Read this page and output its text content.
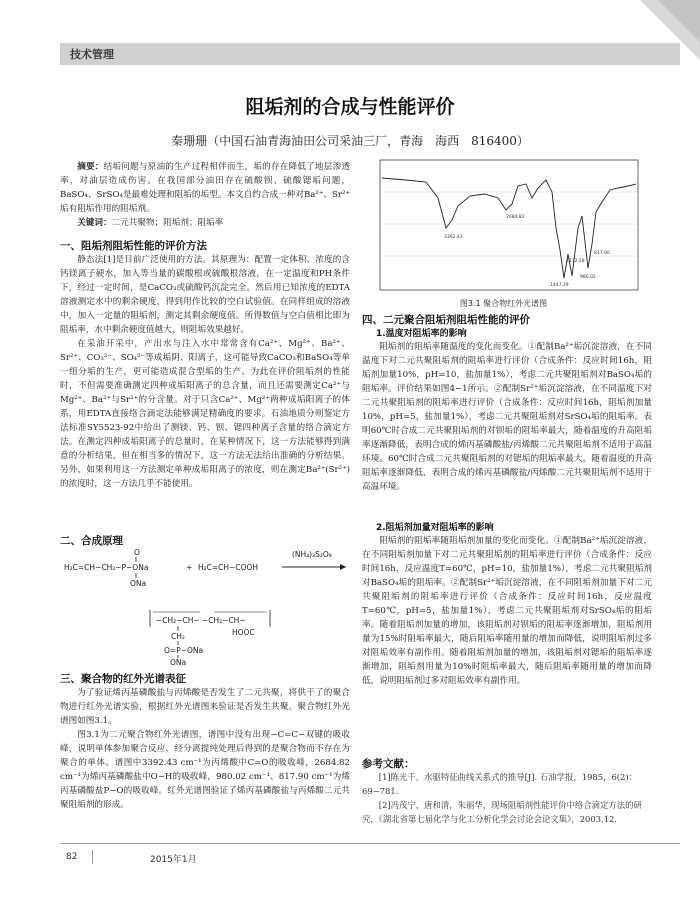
技术管理
阻垢剂的合成与性能评价
秦珊珊（中国石油青海油田公司采油三厂，青海　海西　816400）

摘要：结垢问题与原油的生产过程相伴而生，垢的存在降低了地层渗透率，对油层造成伤害。在我国部分油田存在硫酸钡、硫酸锶垢问题，BaSO₄、SrSO₄是最难处理和阻垢的垢型。本文自约合成一种对Ba²⁺、Sr²⁺垢有阻垢作用的阻垢剂。

关键词：二元共聚物；阻垢剂；阻垢率

一、阻垢剂阻垢性能的评价方法

静态法[1]是目前广泛使用的方法。其原理为：配置一定体积、浓度的含钙镁离子硬水，加入等当量的碳酸根或硫酸根溶液，在一定温度和PH条件下，经过一定时间，是CaCO₃或硫酸钙沉淀完全。然后用已知浓度的EDTA溶液测定水中的剩余硬度，得到用作比较的空白试验值。在同样组成的溶液中，加入一定量的阻垢剂，测定其剩余硬度值。所得数值与空白值相比即为阻垢率，水中剩余硬度值越大，则阻垢效果越好。

在采油开采中，产出水与注入水中常常含有Ca²⁺、Mg²⁺、Ba²⁺、Sr²⁺、CO₃²⁻、SO₄²⁻等成垢阴、阳离子，这可能导致CaCO₃和BaSO₄等单一组分垢的生产，更可能造成混合型垢的生产。为此在评价阻垢剂的性能时，不但需要准确测定四种成垢阳离子的总含量，而且还需要测定Ca²⁺与Mg²⁺、Ba²⁺与Sr²⁺的分含量。对于只含Ca²⁺、Mg²⁺两种成垢阳离子的体系，用EDTA直接络合滴定法能够满足精确度的要求。石油地质分则鉴定方法标准SY5523-92中给出了测镁、钙、钡、锶四种离子含量的络合滴定方法。在测定四种成垢阳离子的总量时，在某种情况下，这一方法能够得到满意的分析结果，但在相当多的情况下，这一方法无法给出准确的分析结果。另外，如果利用这一方法测定单种成垢阳离子的浓度，则在测定Ba²⁺(Sr²⁺)的浓度时，这一方法几乎不能使用。

二、合成原理
O
H₂C=CH−CH₂−P−ONa
ONa
+ H₂C=CH−COOH
(NH₄)₂S₂O₈
−CH₂−CH− −CH₂−CH−
CH₂	HOOC
O=P−ONa
ONa
三、聚合物的红外光谱表征

为了验证烯丙基磷酸盐与丙烯酸是否发生了二元共聚，将供干了的聚合物进行红外光谱实验，根据红外光谱图来验证是否发生共聚。聚合物红外光谱图如图3.1。

图3.1为二元聚合物红外光谱图，谱图中没有出现−C=C−双键的吸收峰，说明单体参加聚合反应，经分离提纯处理后得到的是聚合物而不存在为聚合的单体。谱图中3392.43 cm⁻¹为丙烯酸中C=O的吸收峰，2684.82 cm⁻¹为烯丙基磷酸盐中O−H的吸收峰，980.02 cm⁻¹、817.90 cm⁻¹为烯丙基磷酸盐P−O的吸收峰。红外光谱图验证了烯丙基磷酸盐与丙烯酸二元共聚阻垢剂的形成。

3392.43
2684.82
1447.29
1172.28
980.02
817.90
图3.1 聚合物红外光谱图
四、二元聚合阻垢剂阻垢性能的评价
1.温度对阻垢率的影响

阻垢剂的阻垢率随温度的变化而变化。①配制Ba²⁺垢沉淀溶液，在不同温度下对二元共聚阻垢剂的阻垢率进行评价（合成条件：反应时间16h，阻垢剂加量10%，pH=10，盐加量1%），考虑二元共聚阻垢剂对BaSO₄垢的阻垢率。评价结果如图4−1所示。②配制Sr²⁺垢沉淀溶液，在不同温度下对二元共聚阻垢剂的阻垢率进行评价（合成条件：反应时间16h，阻垢剂加量10%，pH=5，盐加量1%），考虑二元共聚阻垢剂对SrSO₄垢的阻垢率。表明60℃时合成二元共聚阻垢剂的对钡垢的阻垢率最大，随着温度的升高阻垢率逐渐降低，表明合成的烯丙基磷酸盐/丙烯酸二元共聚阻垢剂不适用于高温环境。60℃时合成二元共聚阻垢剂的对锶垢的阻垢率最大，随着温度的升高阻垢率逐渐降低，表明合成的烯丙基磷酸盐/丙烯酸二元共聚阻垢剂不适用于高温环境。

2.阻垢剂加量对阻垢率的影响

阻垢剂的阻垢率随阻垢剂加量的变化而变化。①配制Ba²⁺垢沉淀溶液，在不同阻垢剂加量下对二元共聚阻垢剂的阻垢率进行评价（合成条件：反应时间16h，反应温度T=60℃，pH=10，盐加量1%），考虑二元共聚阻垢剂对BaSO₄垢的阻垢率。②配制Sr²⁺垢沉淀溶液，在不同阻垢剂加量下对二元共聚阻垢剂的阻垢率进行评价（合成条件：反应时间16h，反应温度T=60℃，pH=5，盐加量1%），考虑二元共聚阻垢剂对SrSO₄垢的阻垢率。随着阻垢剂加量的增加，该阻垢剂对钡垢的阻垢率逐渐增加，阻垢剂用量为15%时阻垢率最大，随后阻垢率随用量的增加而降低，说明阻垢剂过多对阻垢效率有副作用。随着阻垢剂加量的增加，该阻垢剂对锶垢的阻垢率逐渐增加，阻垢剂用量为10%时阻垢率最大，随后阻垢率随用量的增加而降低，说明阻垢剂过多对阻垢效率有副作用。

参考文献：
[1]陈光千，水驱特征曲线关系式的推导[J]. 石油学报，1985，6(2)：69−781.
[2]冯茂宁，唐和清，朱丽华，现场阻垢剂性能评价中络合滴定方法的研究，《湖北省第七届化学与化工分析化学会讨论会论文集》，2003,12.
82	2015年1月
